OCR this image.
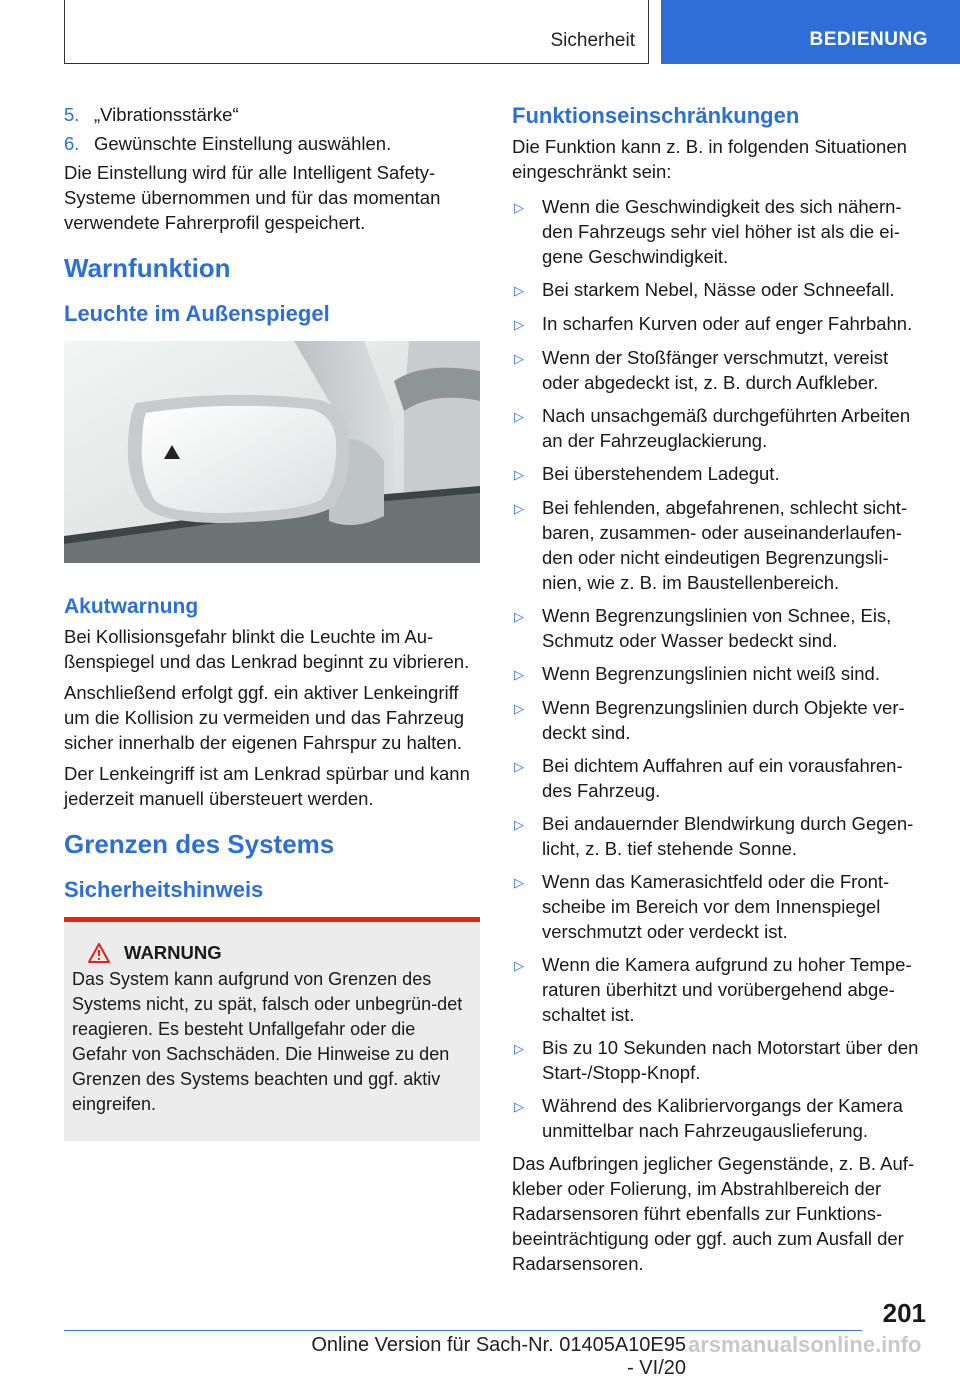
Sicherheit	BEDIENUNG
5. „Vibrationsstärke“
6. Gewünschte Einstellung auswählen.

Die Einstellung wird für alle Intelligent Safety-Systeme übernommen und für das momentan verwendete Fahrerprofil gespeichert.

Warnfunktion
Leuchte im Außenspiegel
Akutwarnung

Bei Kollisionsgefahr blinkt die Leuchte im Au-ßenspiegel und das Lenkrad beginnt zu vibrieren.

Anschließend erfolgt ggf. ein aktiver Lenkeingriff um die Kollision zu vermeiden und das Fahrzeug sicher innerhalb der eigenen Fahrspur zu halten.

Der Lenkeingriff ist am Lenkrad spürbar und kann jederzeit manuell übersteuert werden.

Grenzen des Systems
Sicherheitshinweis
WARNUNG

Das System kann aufgrund von Grenzen des Systems nicht, zu spät, falsch oder unbegrün-det reagieren. Es besteht Unfallgefahr oder die Gefahr von Sachschäden. Die Hinweise zu den Grenzen des Systems beachten und ggf. aktiv eingreifen.

Funktionseinschränkungen

Die Funktion kann z. B. in folgenden Situationen eingeschränkt sein:

▷ Wenn die Geschwindigkeit des sich nähern-den Fahrzeugs sehr viel höher ist als die ei-gene Geschwindigkeit.
▷ Bei starkem Nebel, Nässe oder Schneefall.
▷ In scharfen Kurven oder auf enger Fahrbahn.
▷ Wenn der Stoßfänger verschmutzt, vereist oder abgedeckt ist, z. B. durch Aufkleber.
▷ Nach unsachgemäß durchgeführten Arbeiten an der Fahrzeuglackierung.
▷ Bei überstehendem Ladegut.
▷ Bei fehlenden, abgefahrenen, schlecht sicht-baren, zusammen- oder auseinanderlaufen-den oder nicht eindeutigen Begrenzungsli-nien, wie z. B. im Baustellenbereich.
▷ Wenn Begrenzungslinien von Schnee, Eis, Schmutz oder Wasser bedeckt sind.
▷ Wenn Begrenzungslinien nicht weiß sind.
▷ Wenn Begrenzungslinien durch Objekte ver-deckt sind.
▷ Bei dichtem Auffahren auf ein vorausfahren-des Fahrzeug.
▷ Bei andauernder Blendwirkung durch Gegen-licht, z. B. tief stehende Sonne.
▷ Wenn das Kamerasichtfeld oder die Front-scheibe im Bereich vor dem Innenspiegel verschmutzt oder verdeckt ist.
▷ Wenn die Kamera aufgrund zu hoher Tempe-raturen überhitzt und vorübergehend abge-schaltet ist.
▷ Bis zu 10 Sekunden nach Motorstart über den Start-/Stopp-Knopf.
▷ Während des Kalibriervorgangs der Kamera unmittelbar nach Fahrzeugauslieferung.

Das Aufbringen jeglicher Gegenstände, z. B. Auf-kleber oder Folierung, im Abstrahlbereich der Radarsensoren führt ebenfalls zur Funktions-beeinträchtigung oder ggf. auch zum Ausfall der Radarsensoren.

201
Online Version für Sach-Nr. 01405A10E95 - VI/20
arsmanualsonline.info
